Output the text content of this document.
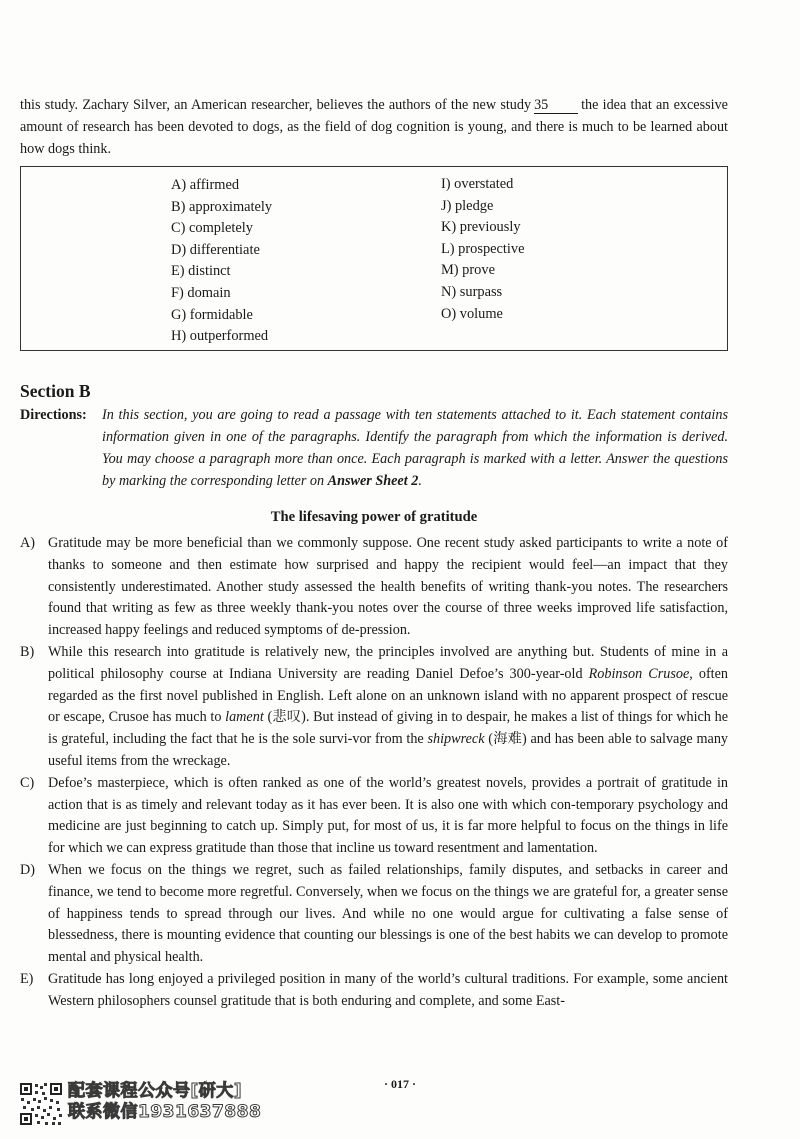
this study. Zachary Silver, an American researcher, believes the authors of the new study 35 the idea that an excessive amount of research has been devoted to dogs, as the field of dog cognition is young, and there is much to be learned about how dogs think.

A) affirmed
B) approximately
C) completely
D) differentiate
E) distinct
F) domain
G) formidable
H) outperformed
I) overstated
J) pledge
K) previously
L) prospective
M) prove
N) surpass
O) volume
Section B
Directions: In this section, you are going to read a passage with ten statements attached to it. Each statement contains information given in one of the paragraphs. Identify the paragraph from which the information is derived. You may choose a paragraph more than once. Each paragraph is marked with a letter. Answer the questions by marking the corresponding letter on Answer Sheet 2.

The lifesaving power of gratitude
A) Gratitude may be more beneficial than we commonly suppose. One recent study asked participants to write a note of thanks to someone and then estimate how surprised and happy the recipient would feel—an impact that they consistently underestimated. Another study assessed the health benefits of writing thank-you notes. The researchers found that writing as few as three weekly thank-you notes over the course of three weeks improved life satisfaction, increased happy feelings and reduced symptoms of de-pression.

B) While this research into gratitude is relatively new, the principles involved are anything but. Students of mine in a political philosophy course at Indiana University are reading Daniel Defoe’s 300-year-old Robinson Crusoe, often regarded as the first novel published in English. Left alone on an unknown island with no apparent prospect of rescue or escape, Crusoe has much to lament (悲叹). But instead of giving in to despair, he makes a list of things for which he is grateful, including the fact that he is the sole survi-vor from the shipwreck (海难) and has been able to salvage many useful items from the wreckage.

C) Defoe’s masterpiece, which is often ranked as one of the world’s greatest novels, provides a portrait of gratitude in action that is as timely and relevant today as it has ever been. It is also one with which con-temporary psychology and medicine are just beginning to catch up. Simply put, for most of us, it is far more helpful to focus on the things in life for which we can express gratitude than those that incline us toward resentment and lamentation.

D) When we focus on the things we regret, such as failed relationships, family disputes, and setbacks in career and finance, we tend to become more regretful. Conversely, when we focus on the things we are grateful for, a greater sense of happiness tends to spread through our lives. And while no one would argue for cultivating a false sense of blessedness, there is mounting evidence that counting our blessings is one of the best habits we can develop to promote mental and physical health.

E) Gratitude has long enjoyed a privileged position in many of the world’s cultural traditions. For example, some ancient Western philosophers counsel gratitude that is both enduring and complete, and some East-

· 017 ·
配套课程公众号[研大]
联系微信1931637888
